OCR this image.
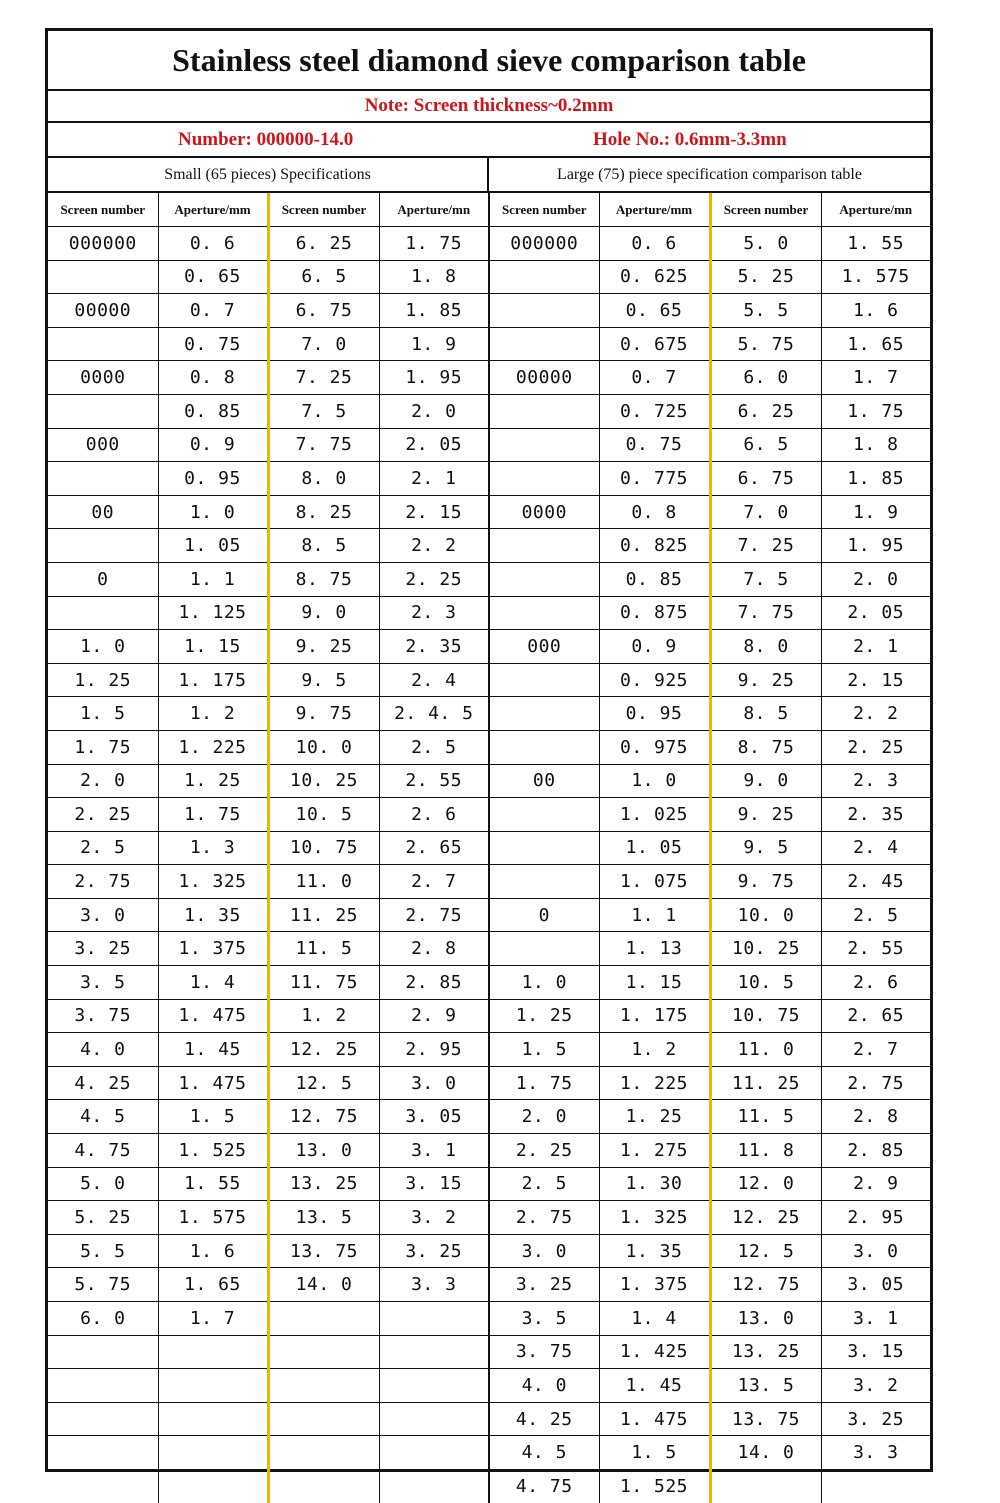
Stainless steel diamond sieve comparison table
Note: Screen thickness~0.2mm
Number: 000000-14.0	Hole No.: 0.6mm-3.3mn
Small (65 pieces) Specifications	Large (75) piece specification comparison table
Screen number	Aperture/mm	Screen number	Aperture/mn	Screen number	Aperture/mm	Screen number	Aperture/mn
000000	0. 6	6. 25	1. 75	000000	0. 6	5. 0	1. 55
	0. 65	6. 5	1. 8		0. 625	5. 25	1. 575
00000	0. 7	6. 75	1. 85		0. 65	5. 5	1. 6
	0. 75	7. 0	1. 9		0. 675	5. 75	1. 65
0000	0. 8	7. 25	1. 95	00000	0. 7	6. 0	1. 7
	0. 85	7. 5	2. 0		0. 725	6. 25	1. 75
000	0. 9	7. 75	2. 05		0. 75	6. 5	1. 8
	0. 95	8. 0	2. 1		0. 775	6. 75	1. 85
00	1. 0	8. 25	2. 15	0000	0. 8	7. 0	1. 9
	1. 05	8. 5	2. 2		0. 825	7. 25	1. 95
0	1. 1	8. 75	2. 25		0. 85	7. 5	2. 0
	1. 125	9. 0	2. 3		0. 875	7. 75	2. 05
1. 0	1. 15	9. 25	2. 35	000	0. 9	8. 0	2. 1
1. 25	1. 175	9. 5	2. 4		0. 925	9. 25	2. 15
1. 5	1. 2	9. 75	2. 4. 5		0. 95	8. 5	2. 2
1. 75	1. 225	10. 0	2. 5		0. 975	8. 75	2. 25
2. 0	1. 25	10. 25	2. 55	00	1. 0	9. 0	2. 3
2. 25	1. 75	10. 5	2. 6		1. 025	9. 25	2. 35
2. 5	1. 3	10. 75	2. 65		1. 05	9. 5	2. 4
2. 75	1. 325	11. 0	2. 7		1. 075	9. 75	2. 45
3. 0	1. 35	11. 25	2. 75	0	1. 1	10. 0	2. 5
3. 25	1. 375	11. 5	2. 8		1. 13	10. 25	2. 55
3. 5	1. 4	11. 75	2. 85	1. 0	1. 15	10. 5	2. 6
3. 75	1. 475	1. 2	2. 9	1. 25	1. 175	10. 75	2. 65
4. 0	1. 45	12. 25	2. 95	1. 5	1. 2	11. 0	2. 7
4. 25	1. 475	12. 5	3. 0	1. 75	1. 225	11. 25	2. 75
4. 5	1. 5	12. 75	3. 05	2. 0	1. 25	11. 5	2. 8
4. 75	1. 525	13. 0	3. 1	2. 25	1. 275	11. 8	2. 85
5. 0	1. 55	13. 25	3. 15	2. 5	1. 30	12. 0	2. 9
5. 25	1. 575	13. 5	3. 2	2. 75	1. 325	12. 25	2. 95
5. 5	1. 6	13. 75	3. 25	3. 0	1. 35	12. 5	3. 0
5. 75	1. 65	14. 0	3. 3	3. 25	1. 375	12. 75	3. 05
6. 0	1. 7			3. 5	1. 4	13. 0	3. 1
				3. 75	1. 425	13. 25	3. 15
				4. 0	1. 45	13. 5	3. 2
				4. 25	1. 475	13. 75	3. 25
				4. 5	1. 5	14. 0	3. 3
				4. 75	1. 525		
